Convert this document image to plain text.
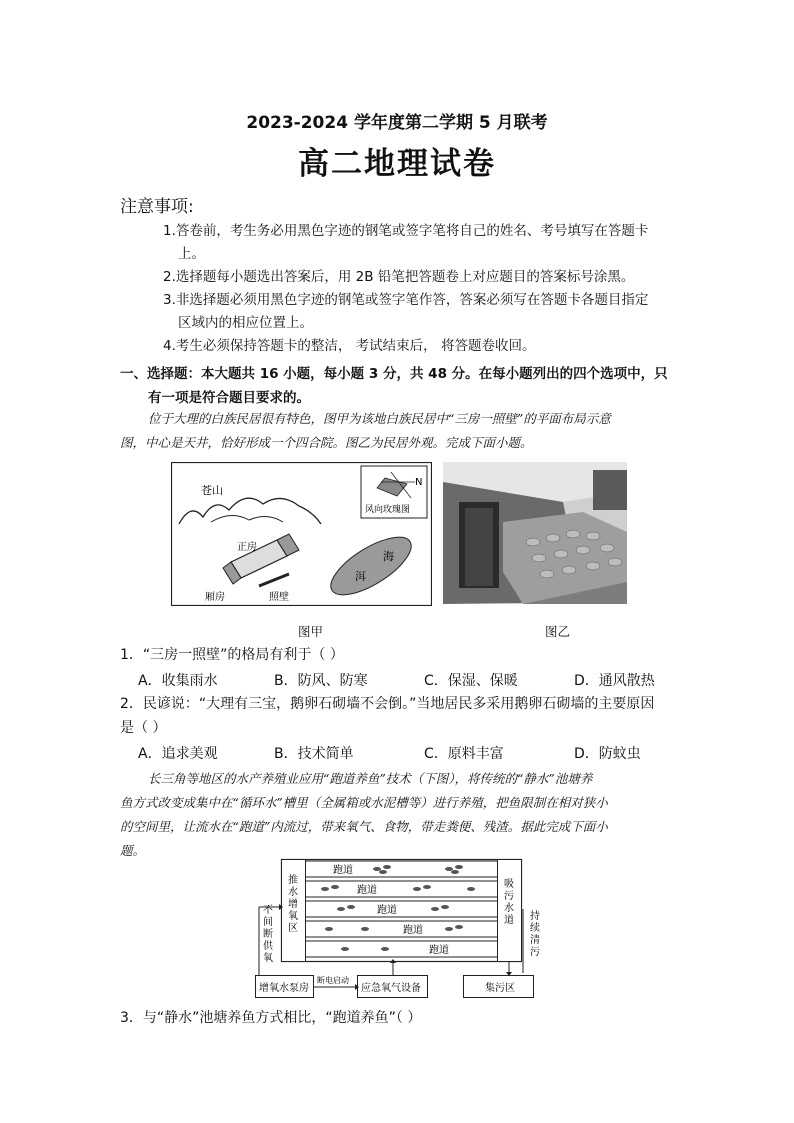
2023-2024 学年度第二学期 5 月联考
高二地理试卷
注意事项:
1.答卷前，考生务必用黑色字迹的钢笔或签字笔将自己的姓名、考号填写在答题卡
上。
2.选择题每小题选出答案后，用 2B 铅笔把答题卷上对应题目的答案标号涂黑。
3.非选择题必须用黑色字迹的钢笔或签字笔作答，答案必须写在答题卡各题目指定
区域内的相应位置上。
4.考生必须保持答题卡的整洁， 考试结束后， 将答题卷收回。
一、选择题：本大题共 16 小题，每小题 3 分，共 48 分。在每小题列出的四个选项中，只
有一项是符合题目要求的。
位于大理的白族民居很有特色，图甲为该地白族民居中“三房一照壁”的平面布局示意
图，中心是天井，恰好形成一个四合院。图乙为民居外观。完成下面小题。
苍山
N
风向玫瑰图
正房
厢房	照壁
洱
海
图甲	图乙
1．“三房一照壁”的格局有利于（ ）
A．收集雨水	B．防风、防寒	C．保湿、保暖	D．通风散热
2．民谚说：“大理有三宝，鹅卵石砌墙不会倒。”当地居民多采用鹅卵石砌墙的主要原因
是（ ）
A．追求美观	B．技术简单	C．原料丰富	D．防蚊虫
长三角等地区的水产养殖业应用“跑道养鱼”技术（下图），将传统的“静水”池塘养
鱼方式改变成集中在“循环水”槽里（全属箱或水泥槽等）进行养殖，把鱼限制在相对狭小
的空间里，让流水在“跑道”内流过，带来氧气、食物，带走粪便、残渣。据此完成下面小
题。
跑道
跑道
跑道
跑道
跑道
推
水
增
氧
区
吸
污
水
道 持
续
清
污
不
间
断
供
氧
增氧水泵房	应急氧气设备	集污区
断电启动
3．与“静水”池塘养鱼方式相比，“跑道养鱼”（ ）
